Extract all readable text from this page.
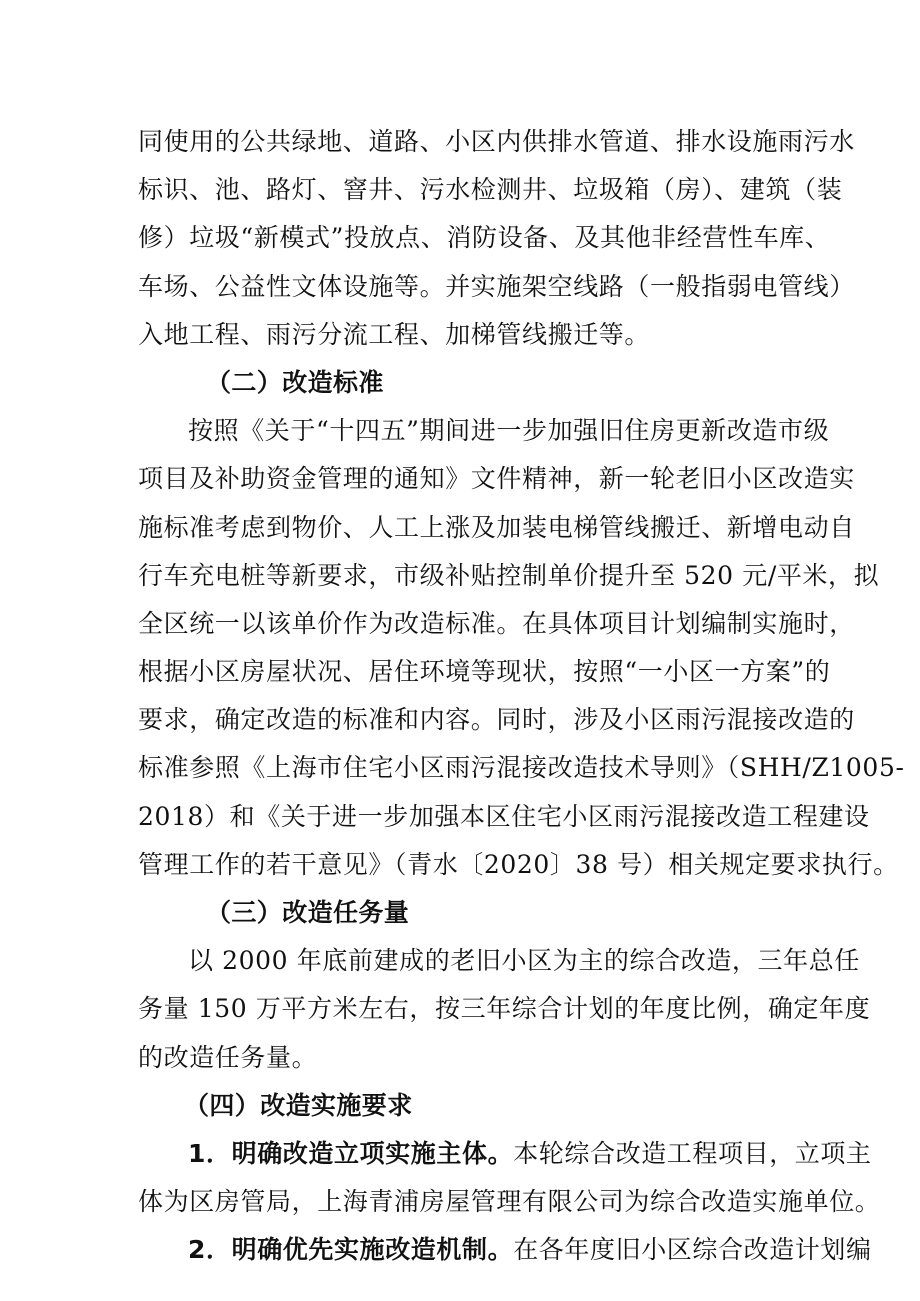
同使用的公共绿地、道路、小区内供排水管道、排水设施雨污水
标识、池、路灯、窨井、污水检测井、垃圾箱（房）、建筑（装
修）垃圾“新模式”投放点、消防设备、及其他非经营性车库、
车场、公益性文体设施等。并实施架空线路（一般指弱电管线）
入地工程、雨污分流工程、加梯管线搬迁等。
（二）改造标准
按照《关于“十四五”期间进一步加强旧住房更新改造市级
项目及补助资金管理的通知》文件精神，新一轮老旧小区改造实
施标准考虑到物价、人工上涨及加装电梯管线搬迁、新增电动自
行车充电桩等新要求，市级补贴控制单价提升至 520 元/平米，拟
全区统一以该单价作为改造标准。在具体项目计划编制实施时，
根据小区房屋状况、居住环境等现状，按照“一小区一方案”的
要求，确定改造的标准和内容。同时，涉及小区雨污混接改造的
标准参照《上海市住宅小区雨污混接改造技术导则》（SHH/Z1005-
2018）和《关于进一步加强本区住宅小区雨污混接改造工程建设
管理工作的若干意见》（青水〔2020〕38 号）相关规定要求执行。
（三）改造任务量
以 2000 年底前建成的老旧小区为主的综合改造，三年总任
务量 150 万平方米左右，按三年综合计划的年度比例，确定年度
的改造任务量。
（四）改造实施要求
1．明确改造立项实施主体。本轮综合改造工程项目，立项主
体为区房管局，上海青浦房屋管理有限公司为综合改造实施单位。
2．明确优先实施改造机制。在各年度旧小区综合改造计划编
